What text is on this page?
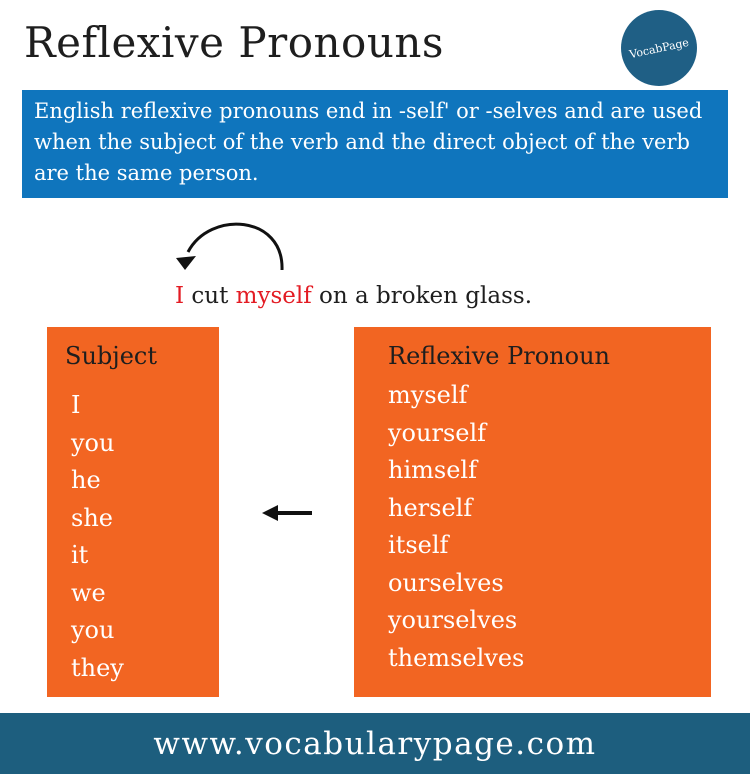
Reflexive Pronouns	VocabPage
English reflexive pronouns end in -self' or -selves and are used when the subject of the verb and the direct object of the verb are the same person.
I cut myself on a broken glass.
Subject
I
you
he
she
it
we
you
they
Reflexive Pronoun
myself
yourself
himself
herself
itself
ourselves
yourselves
themselves
www.vocabularypage.com
